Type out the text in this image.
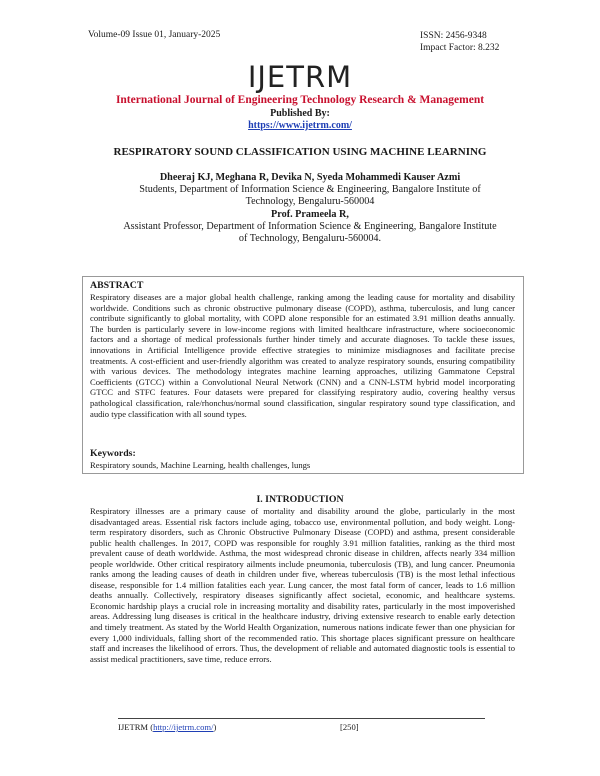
Volume-09 Issue 01, January-2025	ISSN: 2456-9348
Impact Factor: 8.232
IJETRM
International Journal of Engineering Technology Research & Management
Published By:
https://www.ijetrm.com/
RESPIRATORY SOUND CLASSIFICATION USING MACHINE LEARNING
Dheeraj KJ, Meghana R, Devika N, Syeda Mohammedi Kauser Azmi
Students, Department of Information Science & Engineering, Bangalore Institute of Technology, Bengaluru-560004
Prof. Prameela R,
Assistant Professor, Department of Information Science & Engineering, Bangalore Institute of Technology, Bengaluru-560004.
ABSTRACT
Respiratory diseases are a major global health challenge, ranking among the leading cause for mortality and disability worldwide. Conditions such as chronic obstructive pulmonary disease (COPD), asthma, tuberculosis, and lung cancer contribute significantly to global mortality, with COPD alone responsible for an estimated 3.91 million deaths annually. The burden is particularly severe in low-income regions with limited healthcare infrastructure, where socioeconomic factors and a shortage of medical professionals further hinder timely and accurate diagnoses. To tackle these issues, innovations in Artificial Intelligence provide effective strategies to minimize misdiagnoses and facilitate precise treatments. A cost-efficient and user-friendly algorithm was created to analyze respiratory sounds, ensuring compatibility with various devices. The methodology integrates machine learning approaches, utilizing Gammatone Cepstral Coefficients (GTCC) within a Convolutional Neural Network (CNN) and a CNN-LSTM hybrid model incorporating GTCC and STFC features. Four datasets were prepared for classifying respiratory audio, covering healthy versus pathological classification, rale/rhonchus/normal sound classification, singular respiratory sound type classification, and audio type classification with all sound types.
Keywords:
Respiratory sounds, Machine Learning, health challenges, lungs
I. INTRODUCTION
Respiratory illnesses are a primary cause of mortality and disability around the globe, particularly in the most disadvantaged areas. Essential risk factors include aging, tobacco use, environmental pollution, and body weight. Long-term respiratory disorders, such as Chronic Obstructive Pulmonary Disease (COPD) and asthma, present considerable public health challenges. In 2017, COPD was responsible for roughly 3.91 million fatalities, ranking as the third most prevalent cause of death worldwide. Asthma, the most widespread chronic disease in children, affects nearly 334 million people worldwide. Other critical respiratory ailments include pneumonia, tuberculosis (TB), and lung cancer. Pneumonia ranks among the leading causes of death in children under five, whereas tuberculosis (TB) is the most lethal infectious disease, responsible for 1.4 million fatalities each year. Lung cancer, the most fatal form of cancer, leads to 1.6 million deaths annually. Collectively, respiratory diseases significantly affect societal, economic, and healthcare systems. Economic hardship plays a crucial role in increasing mortality and disability rates, particularly in the most impoverished areas. Addressing lung diseases is critical in the healthcare industry, driving extensive research to enable early detection and timely treatment. As stated by the World Health Organization, numerous nations indicate fewer than one physician for every 1,000 individuals, falling short of the recommended ratio. This shortage places significant pressure on healthcare staff and increases the likelihood of errors. Thus, the development of reliable and automated diagnostic tools is essential to assist medical practitioners, save time, reduce errors.
IJETRM (http://ijetrm.com/)	[250]
